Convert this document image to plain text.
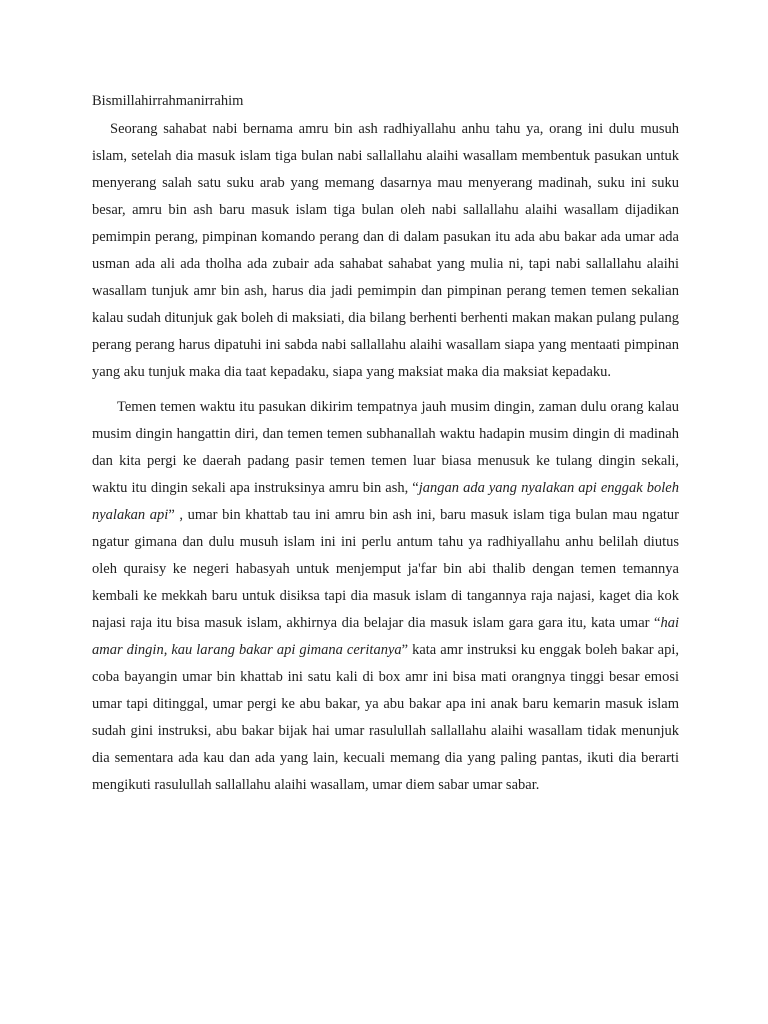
Bismillahirrahmanirrahim

Seorang sahabat nabi bernama amru bin ash radhiyallahu anhu tahu ya, orang ini dulu musuh islam, setelah dia masuk islam tiga bulan nabi sallallahu alaihi wasallam membentuk pasukan untuk menyerang salah satu suku arab yang memang dasarnya mau menyerang madinah, suku ini suku besar, amru bin ash baru masuk islam tiga bulan oleh nabi sallallahu alaihi wasallam dijadikan pemimpin perang, pimpinan komando perang dan di dalam pasukan itu ada abu bakar ada umar ada usman ada ali ada tholha ada zubair ada sahabat sahabat yang mulia ni, tapi nabi sallallahu alaihi wasallam tunjuk amr bin ash, harus dia jadi pemimpin dan pimpinan perang temen temen sekalian kalau sudah ditunjuk gak boleh di maksiati, dia bilang berhenti berhenti makan makan pulang pulang perang perang harus dipatuhi ini sabda nabi sallallahu alaihi wasallam siapa yang mentaati pimpinan yang aku tunjuk maka dia taat kepadaku, siapa yang maksiat maka dia maksiat kepadaku.

Temen temen waktu itu pasukan dikirim tempatnya jauh musim dingin, zaman dulu orang kalau musim dingin hangattin diri, dan temen temen subhanallah waktu hadapin musim dingin di madinah dan kita pergi ke daerah padang pasir temen temen luar biasa menusuk ke tulang dingin sekali, waktu itu dingin sekali apa instruksinya amru bin ash, “jangan ada yang nyalakan api enggak boleh nyalakan api” , umar bin khattab tau ini amru bin ash ini, baru masuk islam tiga bulan mau ngatur ngatur gimana dan dulu musuh islam ini ini perlu antum tahu ya radhiyallahu anhu belilah diutus oleh quraisy ke negeri habasyah untuk menjemput ja'far bin abi thalib dengan temen temannya kembali ke mekkah baru untuk disiksa tapi dia masuk islam di tangannya raja najasi, kaget dia kok najasi raja itu bisa masuk islam, akhirnya dia belajar dia masuk islam gara gara itu, kata umar “hai amar dingin, kau larang bakar api gimana ceritanya” kata amr instruksi ku enggak boleh bakar api, coba bayangin umar bin khattab ini satu kali di box amr ini bisa mati orangnya tinggi besar emosi umar tapi ditinggal, umar pergi ke abu bakar, ya abu bakar apa ini anak baru kemarin masuk islam sudah gini instruksi, abu bakar bijak hai umar rasulullah sallallahu alaihi wasallam tidak menunjuk dia sementara ada kau dan ada yang lain, kecuali memang dia yang paling pantas, ikuti dia berarti mengikuti rasulullah sallallahu alaihi wasallam, umar diem sabar umar sabar.
